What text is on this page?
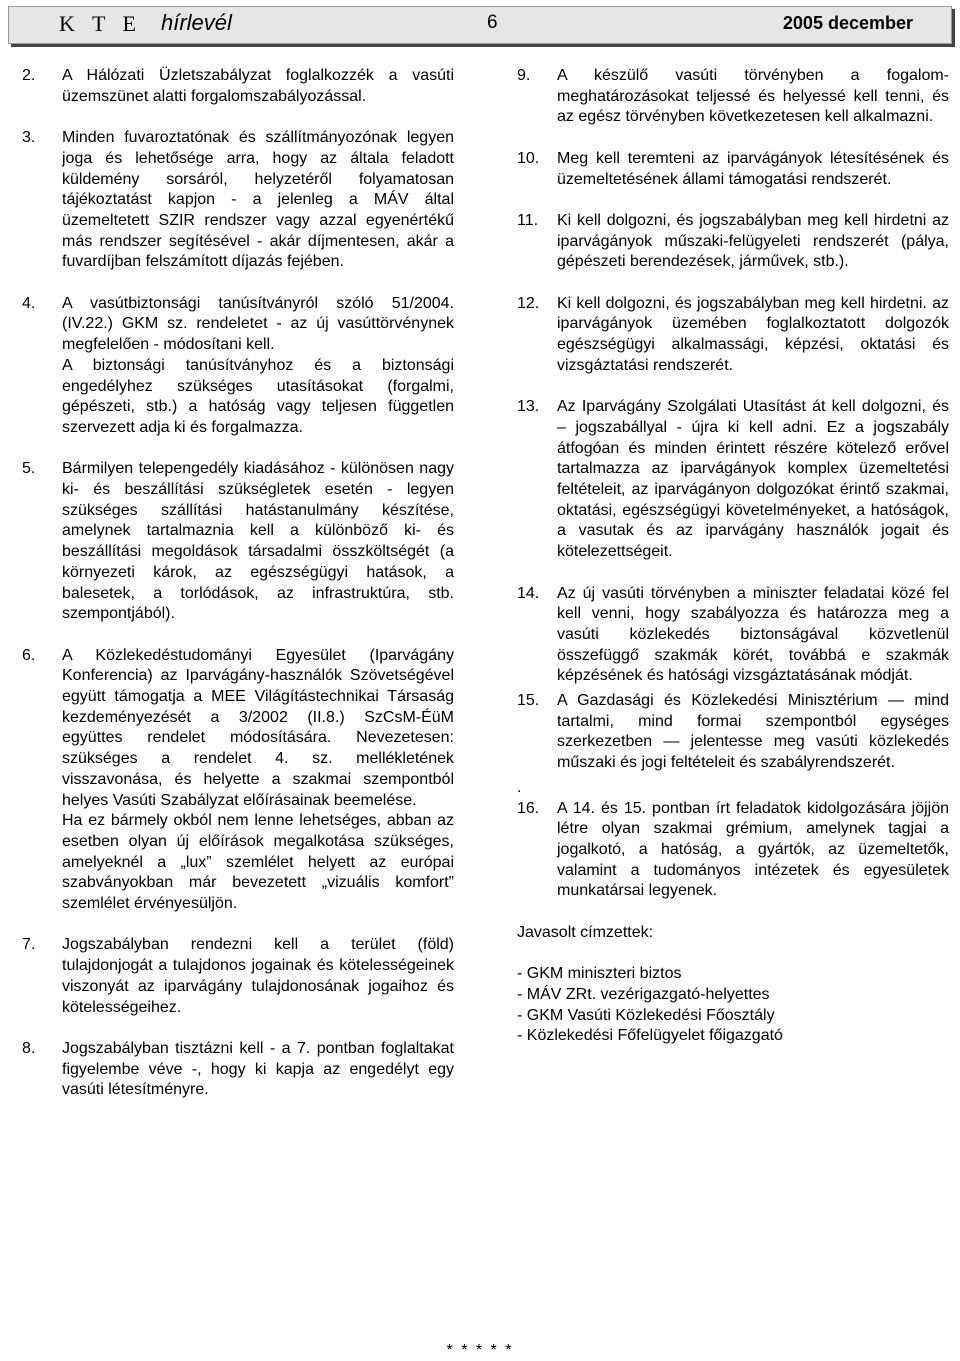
K T E hírlevél	6	2005 december
2. A Hálózati Üzletszabályzat foglalkozzék a vasúti üzemszünet alatti forgalomszabályozással.
3. Minden fuvaroztatónak és szállítmányozónak legyen joga és lehetősége arra, hogy az általa feladott küldemény sorsáról, helyzetéről folyamatosan tájékoztatást kapjon - a jelenleg a MÁV által üzemeltetett SZIR rendszer vagy azzal egyenértékű más rendszer segítésével - akár díjmentesen, akár a fuvardíjban felszámított díjazás fejében.
4. A vasútbiztonsági tanúsítványról szóló 51/2004. (IV.22.) GKM sz. rendeletet - az új vasúttörvénynek megfelelően - módosítani kell.
A biztonsági tanúsítványhoz és a biztonsági engedélyhez szükséges utasításokat (forgalmi, gépészeti, stb.) a hatóság vagy teljesen független szervezett adja ki és forgalmazza.
5. Bármilyen telepengedély kiadásához - különösen nagy ki- és beszállítási szükségletek esetén - legyen szükséges szállítási hatástanulmány készítése, amelynek tartalmaznia kell a különböző ki- és beszállítási megoldások társadalmi összköltségét (a környezeti károk, az egészségügyi hatások, a balesetek, a torlódások, az infrastruktúra, stb. szempontjából).
6. A Közlekedéstudományi Egyesület (Iparvágány Konferencia) az Iparvágány-használók Szövetségével együtt támogatja a MEE Világítástechnikai Társaság kezdeményezését a 3/2002 (II.8.) SzCsM-ÉüM együttes rendelet módosítására. Nevezetesen: szükséges a rendelet 4. sz. mellékletének visszavonása, és helyette a szakmai szempontból helyes Vasúti Szabályzat előírásainak beemelése.
Ha ez bármely okból nem lenne lehetséges, abban az esetben olyan új előírások megalkotása szükséges, amelyeknél a „lux” szemlélet helyett az európai szabványokban már bevezetett „vizuális komfort” szemlélet érvényesüljön.
7. Jogszabályban rendezni kell a terület (föld) tulajdonjogát a tulajdonos jogainak és kötelességeinek viszonyát az iparvágány tulajdonosának jogaihoz és kötelességeihez.
8. Jogszabályban tisztázni kell - a 7. pontban foglaltakat figyelembe véve -, hogy ki kapja az engedélyt egy vasúti létesítményre.
9. A készülő vasúti törvényben a fogalom-meghatározásokat teljessé és helyessé kell tenni, és az egész törvényben következetesen kell alkalmazni.
10. Meg kell teremteni az iparvágányok létesítésének és üzemeltetésének állami támogatási rendszerét.
11. Ki kell dolgozni, és jogszabályban meg kell hirdetni az iparvágányok műszaki-felügyeleti rendszerét (pálya, gépészeti berendezések, járművek, stb.).
12. Ki kell dolgozni, és jogszabályban meg kell hirdetni. az iparvágányok üzemében foglalkoztatott dolgozók egészségügyi alkalmassági, képzési, oktatási és vizsgáztatási rendszerét.
13. Az Iparvágány Szolgálati Utasítást át kell dolgozni, és – jogszabállyal - újra ki kell adni. Ez a jogszabály átfogóan és minden érintett részére kötelező erővel tartalmazza az iparvágányok komplex üzemeltetési feltételeit, az iparvágányon dolgozókat érintő szakmai, oktatási, egészségügyi követelményeket, a hatóságok, a vasutak és az iparvágány használók jogait és kötelezettségeit.
14. Az új vasúti törvényben a miniszter feladatai közé fel kell venni, hogy szabályozza és határozza meg a vasúti közlekedés biztonságával közvetlenül összefüggő szakmák körét, továbbá e szakmák képzésének és hatósági vizsgáztatásának módját.
15. A Gazdasági és Közlekedési Minisztérium — mind tartalmi, mind formai szempontból egységes szerkezetben — jelentesse meg vasúti közlekedés műszaki és jogi feltételeit és szabályrendszerét.
.
16. A 14. és 15. pontban írt feladatok kidolgozására jöjjön létre olyan szakmai grémium, amelynek tagjai a jogalkotó, a hatóság, a gyártók, az üzemeltetők, valamint a tudományos intézetek és egyesületek munkatársai legyenek.
Javasolt címzettek:
- GKM miniszteri biztos
- MÁV ZRt. vezérigazgató-helyettes
- GKM Vasúti Közlekedési Főosztály
- Közlekedési Főfelügyelet főigazgató
* * * * *
